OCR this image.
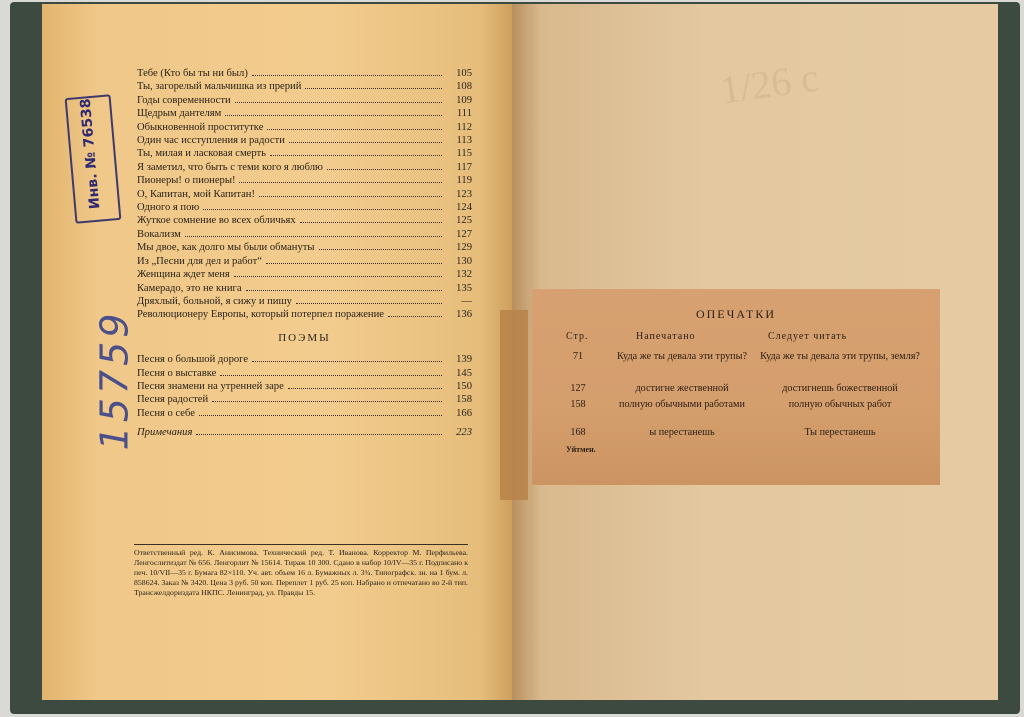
Инв. № 76538
15759
1/26 с
Тебе (Кто бы ты ни был)	105
Ты, загорелый мальчишка из прерий	108
Годы современности	109
Щедрым дантелям	111
Обыкновенной проститутке	112
Один час исступления и радости	113
Ты, милая и ласковая смерть	115
Я заметил, что быть с теми кого я люблю	117
Пионеры! о пионеры!	119
О, Капитан, мой Капитан!	123
Одного я пою	124
Жуткое сомнение во всех обличьях	125
Вокализм	127
Мы двое, как долго мы были обмануты	129
Из „Песни для дел и работ“	130
Женщина ждет меня	132
Камерадо, это не книга	135
Дряхлый, больной, я сижу и пишу	—
Революционеру Европы, который потерпел поражение	136
ПОЭМЫ
Песня о большой дороге	139
Песня о выставке	145
Песня знамени на утренней заре	150
Песня радостей	158
Песня о себе	166
Примечания	223
Ответственный ред. К. Анисимова. Технический ред. Т. Иванова. Корректор М. Перфильева. Ленгослитиздат № 656. Ленгорлит № 15614. Тираж 10 300. Сдано в набор 10/IV—35 г. Подписано к печ. 10/VII—35 г. Бумага 82×110. Уч. авт. объем 16 л. Бумажных л. 3¾. Типографск. зн. на 1 бум. л. 858624. Заказ № 3420. Цена 3 руб. 50 коп. Переплет 1 руб. 25 коп. Набрано и отпечатано во 2-й тип. Трансжелдориздата НКПС. Ленинград, ул. Правды 15.
ОПЕЧАТКИ
Стр.	Напечатано	Следует читать
71	Куда же ты девала эти трупы?	Куда же ты девала эти трупы, земля?
127	достигне жественной	достигнешь божественной
158	полную обычными работами	полную обычных работ
168	ы перестанешь	Ты перестанешь
Уйтмен.
